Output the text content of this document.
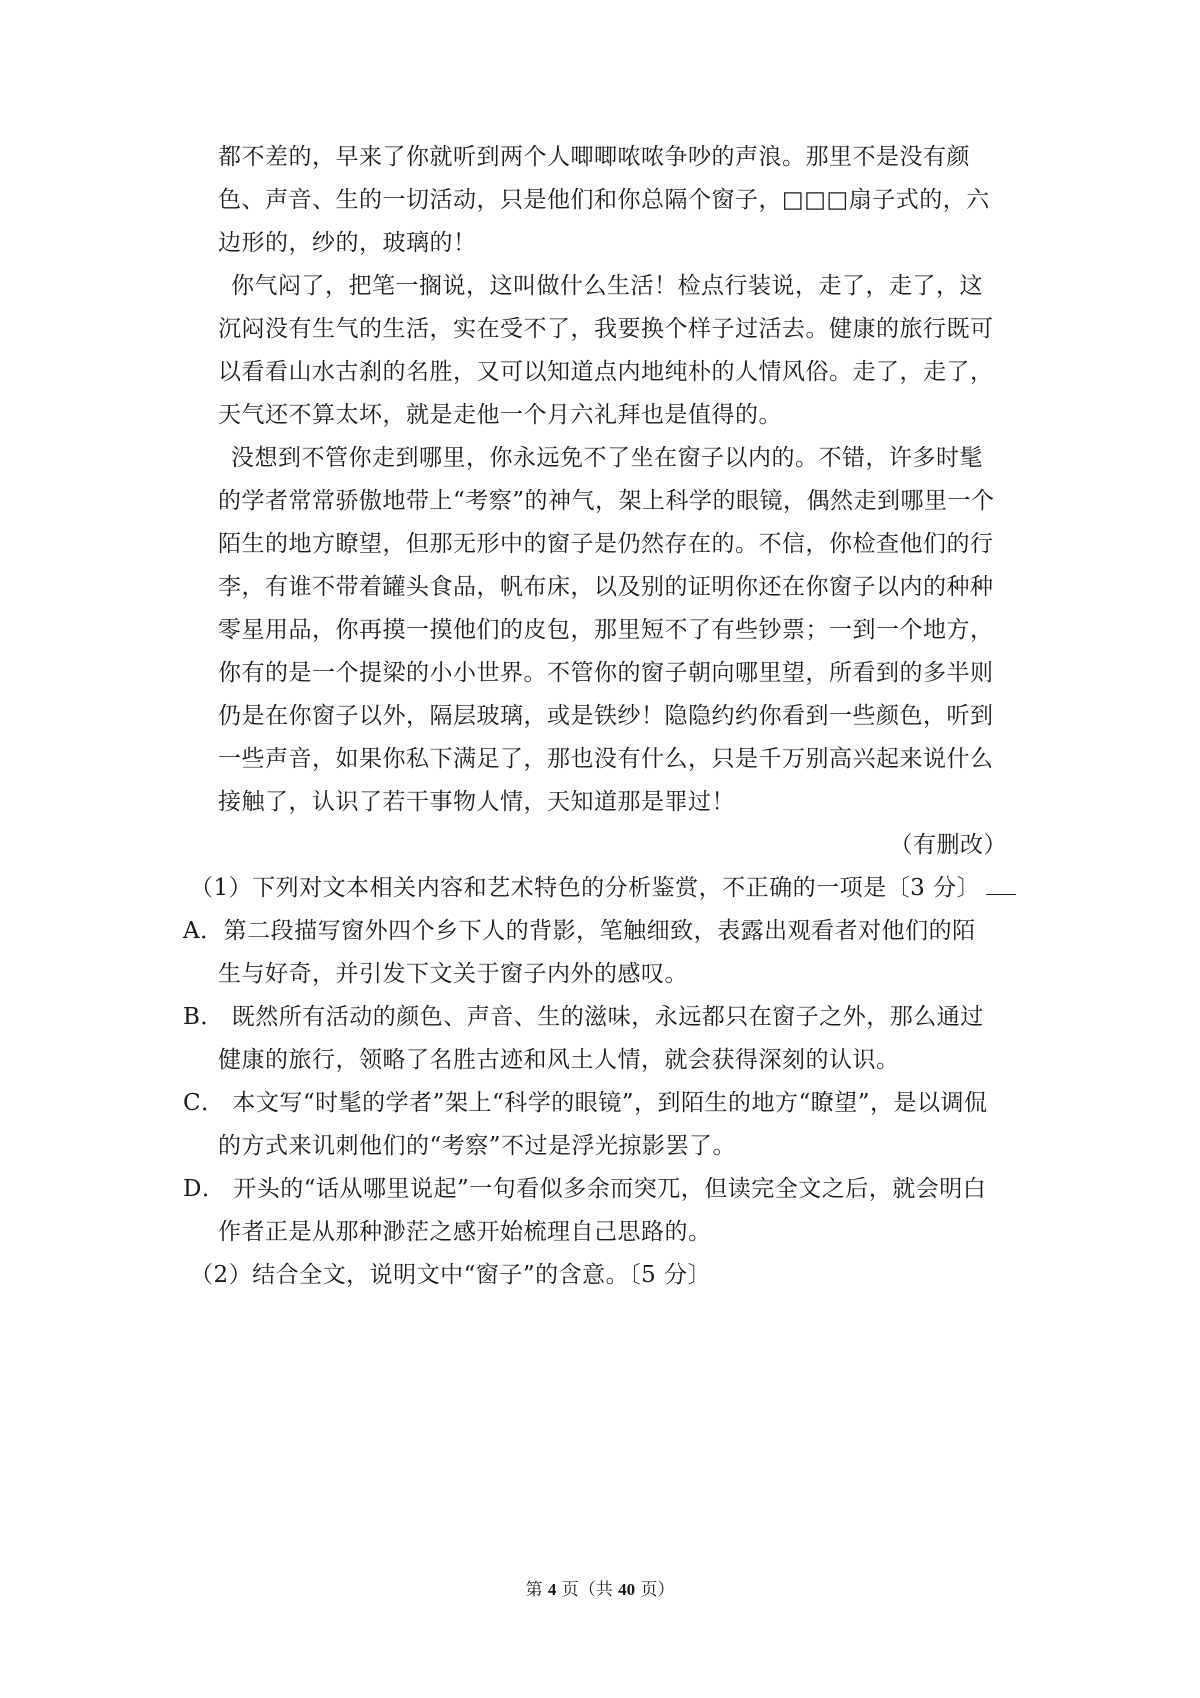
都不差的，早来了你就听到两个人唧唧哝哝争吵的声浪。那里不是没有颜
色、声音、生的一切活动，只是他们和你总隔个窗子，□□□扇子式的，六
边形的，纱的，玻璃的！
你气闷了，把笔一搁说，这叫做什么生活！检点行装说，走了，走了，这
沉闷没有生气的生活，实在受不了，我要换个样子过活去。健康的旅行既可
以看看山水古刹的名胜，又可以知道点内地纯朴的人情风俗。走了，走了，
天气还不算太坏，就是走他一个月六礼拜也是值得的。
没想到不管你走到哪里，你永远免不了坐在窗子以内的。不错，许多时髦
的学者常常骄傲地带上“考察”的神气，架上科学的眼镜，偶然走到哪里一个
陌生的地方瞭望，但那无形中的窗子是仍然存在的。不信，你检查他们的行
李，有谁不带着罐头食品，帆布床，以及别的证明你还在你窗子以内的种种
零星用品，你再摸一摸他们的皮包，那里短不了有些钞票；一到一个地方，
你有的是一个提梁的小小世界。不管你的窗子朝向哪里望，所看到的多半则
仍是在你窗子以外，隔层玻璃，或是铁纱！隐隐约约你看到一些颜色，听到
一些声音，如果你私下满足了，那也没有什么，只是千万别高兴起来说什么
接触了，认识了若干事物人情，天知道那是罪过！
（有删改）
（1）下列对文本相关内容和艺术特色的分析鉴赏，不正确的一项是〔3 分〕
A．第二段描写窗外四个乡下人的背影，笔触细致，表露出观看者对他们的陌
生与好奇，并引发下文关于窗子内外的感叹。
B． 既然所有活动的颜色、声音、生的滋味，永远都只在窗子之外，那么通过
健康的旅行，领略了名胜古迹和风土人情，就会获得深刻的认识。
C． 本文写“时髦的学者”架上“科学的眼镜”，到陌生的地方“瞭望”，是以调侃
的方式来讥刺他们的“考察”不过是浮光掠影罢了。
D． 开头的“话从哪里说起”一句看似多余而突兀，但读完全文之后，就会明白
作者正是从那种渺茫之感开始梳理自己思路的。
（2）结合全文，说明文中“窗子”的含意。〔5 分〕
第 4 页（共 40 页）
